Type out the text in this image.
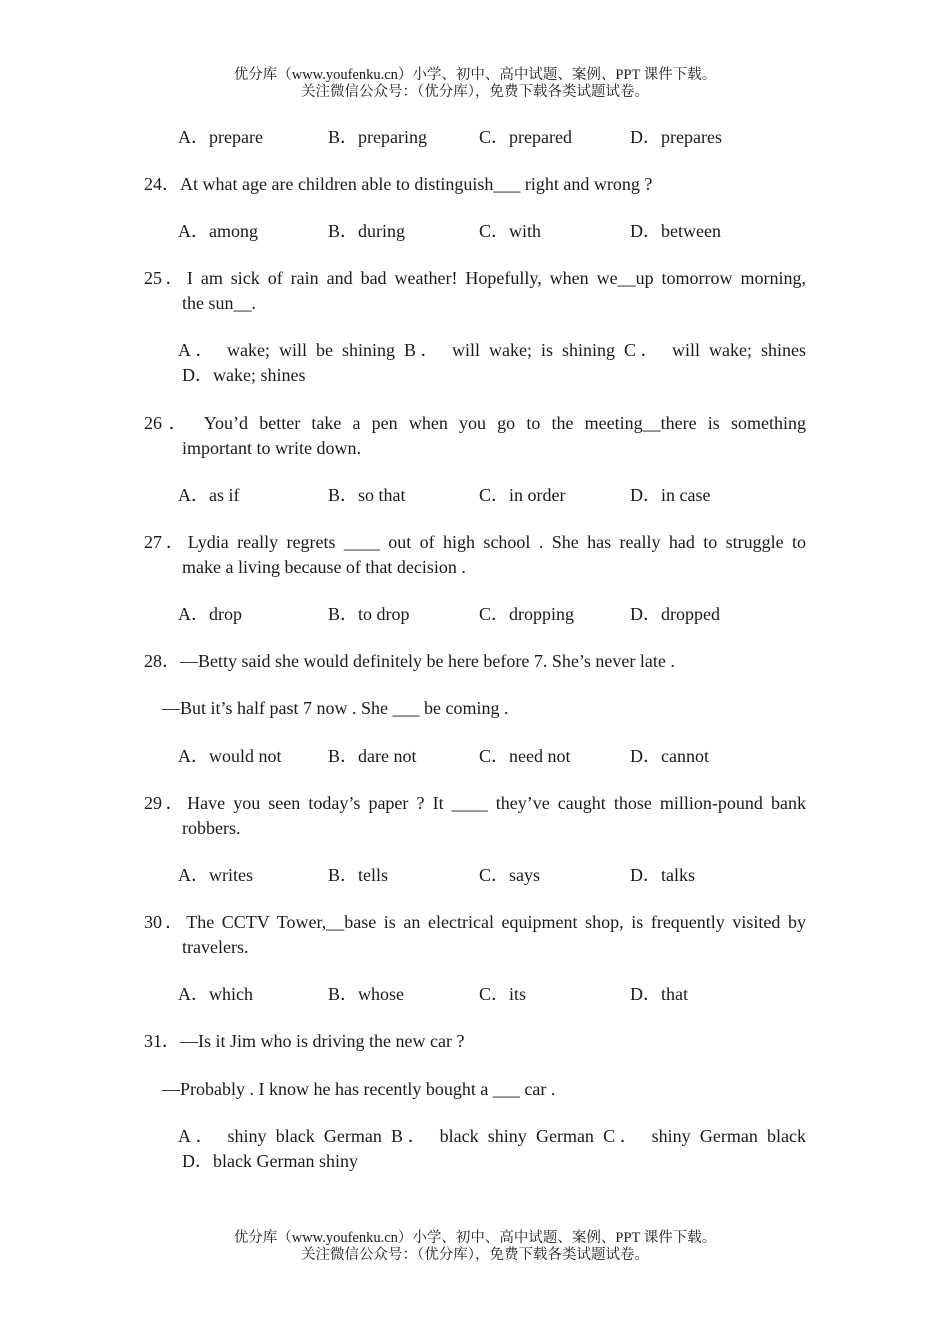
优分库（www.youfenku.cn）小学、初中、高中试题、案例、PPT 课件下载。
关注微信公众号：（优分库），免费下载各类试题试卷。
A．prepare	B．preparing	C．prepared	D．prepares
24．At what age are children able to distinguish___ right and wrong ?
A．among	B．during	C．with	D．between
25．I am sick of rain and bad weather! Hopefully, when we__up tomorrow morning,
the sun__.
A． wake; will be shining B． will wake; is shining C． will wake; shines
D．wake; shines
26． You’d better take a pen when you go to the meeting__there is something
important to write down.
A．as if	B．so that	C．in order	D．in case
27．Lydia really regrets ____ out of high school . She has really had to struggle to
make a living because of that decision .
A．drop	B．to drop	C．dropping	D．dropped
28．—Betty said she would definitely be here before 7. She’s never late .
—But it’s half past 7 now . She ___ be coming .
A．would not	B．dare not	C．need not	D．cannot
29．Have you seen today’s paper ? It ____ they’ve caught those million-pound bank
robbers.
A．writes	B．tells	C．says	D．talks
30．The CCTV Tower,__base is an electrical equipment shop, is frequently visited by
travelers.
A．which	B．whose	C．its	D．that
31．—Is it Jim who is driving the new car ?
—Probably . I know he has recently bought a ___ car .
A． shiny black German B． black shiny German C． shiny German black
D．black German shiny
优分库（www.youfenku.cn）小学、初中、高中试题、案例、PPT 课件下载。
关注微信公众号：（优分库），免费下载各类试题试卷。
